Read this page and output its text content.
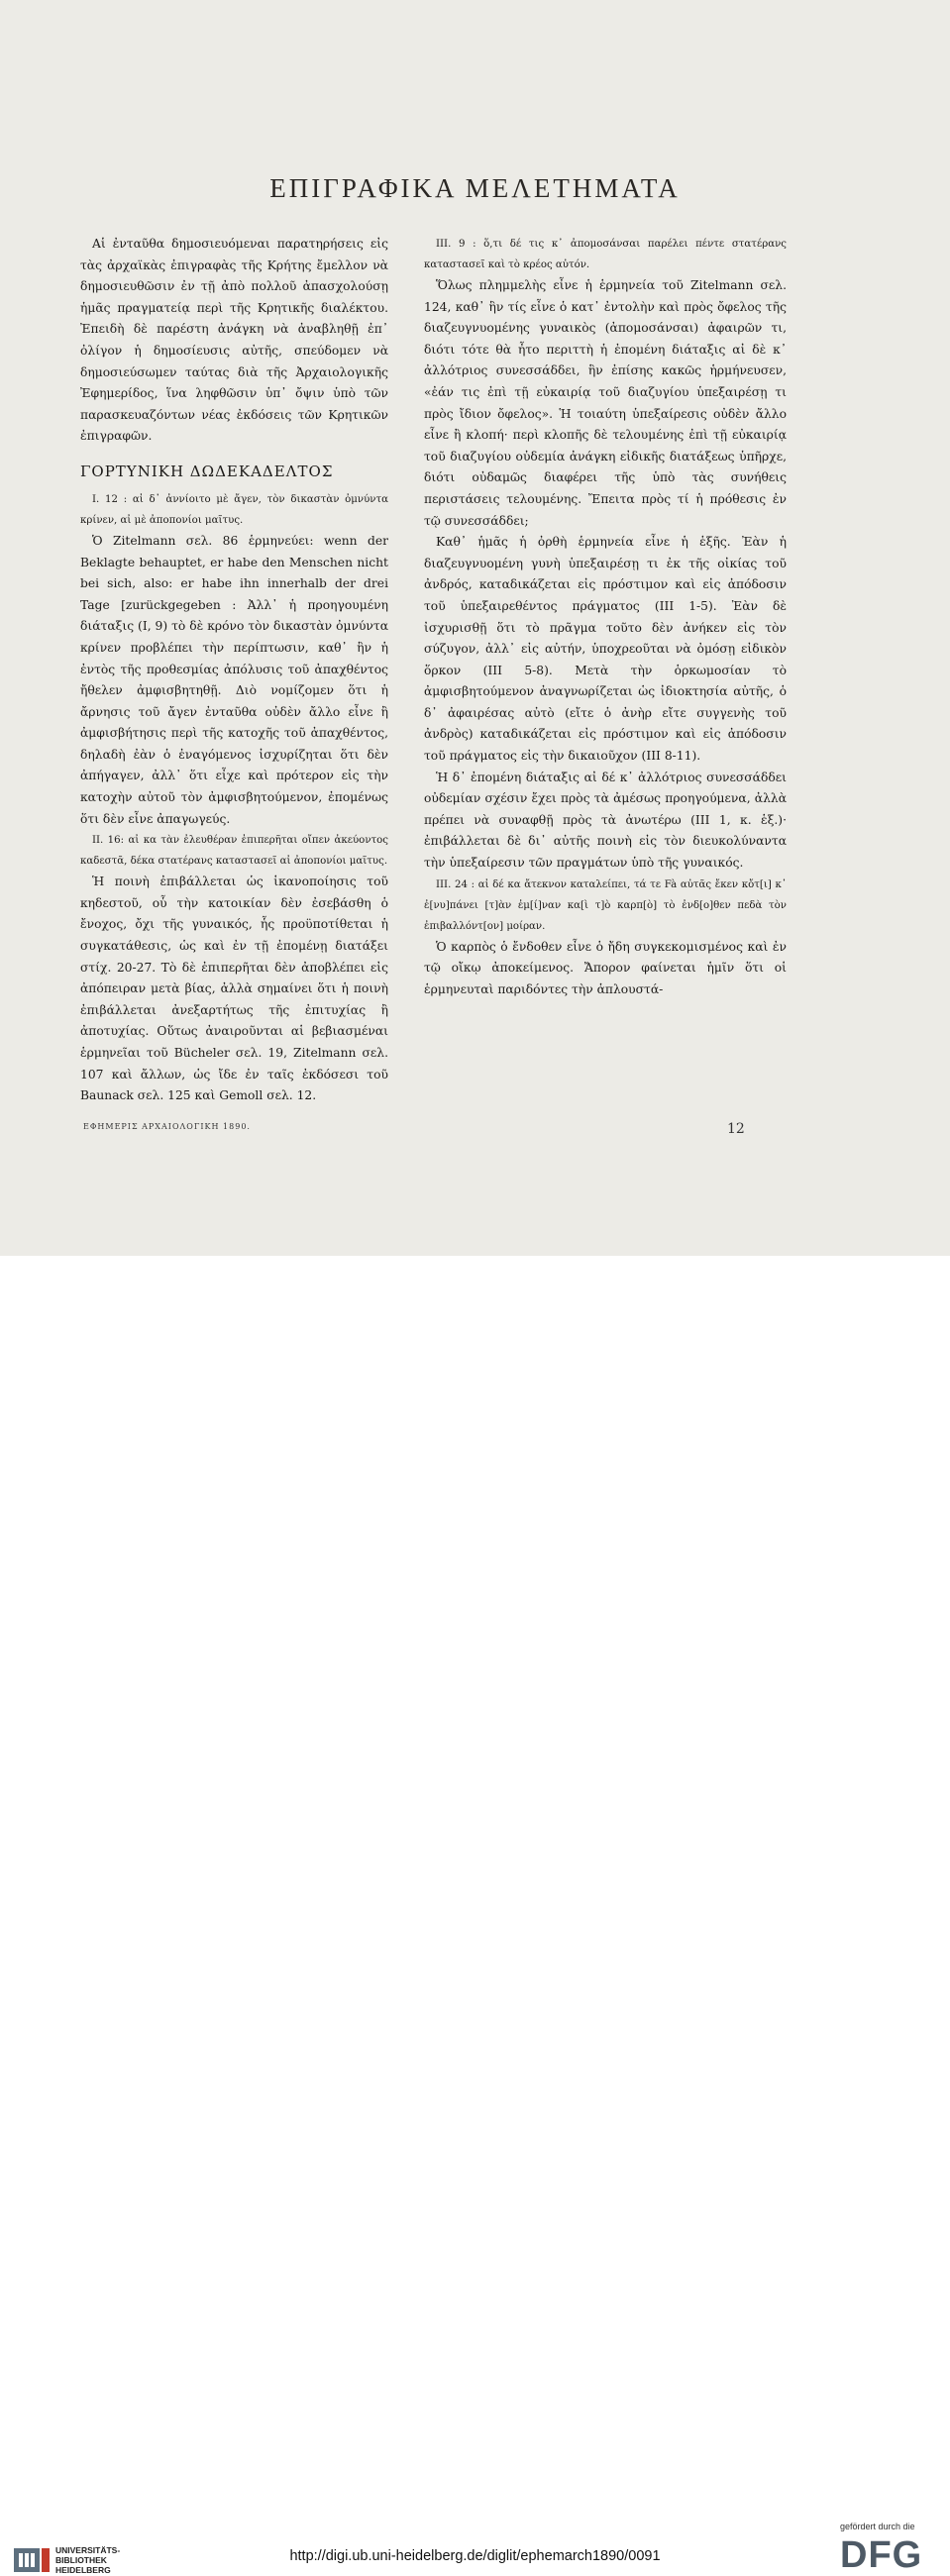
ΕΠΙΓΡΑΦΙΚΑ ΜΕΛΕΤΗΜΑΤΑ

Αἱ ἐνταῦθα δημοσιευόμεναι παρατηρήσεις εἰς τὰς ἀρχαϊκὰς ἐπιγραφὰς τῆς Κρήτης ἔμελλον νὰ δημοσιευθῶσιν ἐν τῇ ἀπὸ πολλοῦ ἀπασχολούσῃ ἡμᾶς πραγματείᾳ περὶ τῆς Κρητικῆς διαλέκτου. Ἐπειδὴ δὲ παρέστη ἀνάγκη νὰ ἀναβληθῇ ἐπ᾽ ὀλίγον ἡ δημοσίευσις αὐτῆς, σπεύδομεν νὰ δημοσιεύσωμεν ταύτας διὰ τῆς Ἀρχαιολογικῆς Ἐφημερίδος, ἵνα ληφθῶσιν ὑπ᾽ ὄψιν ὑπὸ τῶν παρασκευαζόντων νέας ἐκδόσεις τῶν Κρητικῶν ἐπιγραφῶν.

ΓΟΡΤΥΝΙΚΗ ΔΩΔΕΚΑΔΕΛΤΟΣ

I. 12 : αἰ δ᾽ ἀννίοιτο μὲ ἄγεν, τὸν δικαστὰν ὀμνύντα κρίνεν, αἰ μὲ ἀποπονίοι μαῖτυς.

Ὁ Zitelmann σελ. 86 ἑρμηνεύει: wenn der Beklagte behauptet, er habe den Menschen nicht bei sich, also: er habe ihn innerhalb der drei Tage [zurückgegeben : Ἀλλ᾽ ἡ προηγουμένη διάταξις (I, 9) τὸ δὲ κρόνο τὸν δικαστὰν ὀμνύντα κρίνεν προβλέπει τὴν περίπτωσιν, καθ᾽ ἣν ἡ ἐντὸς τῆς προθεσμίας ἀπόλυσις τοῦ ἀπαχθέντος ἤθελεν ἀμφισβητηθῇ. Διὸ νομίζομεν ὅτι ἡ ἄρνησις τοῦ ἄγεν ἐνταῦθα οὐδὲν ἄλλο εἶνε ἢ ἀμφισβήτησις περὶ τῆς κατοχῆς τοῦ ἀπαχθέντος, δηλαδὴ ἐὰν ὁ ἐναγόμενος ἰσχυρίζηται ὅτι δὲν ἀπήγαγεν, ἀλλ᾽ ὅτι εἶχε καὶ πρότερον εἰς τὴν κατοχὴν αὐτοῦ τὸν ἀμφισβητούμενον, ἐπομένως ὅτι δὲν εἶνε ἀπαγωγεύς.

II. 16: αἰ κα τὰν ἐλευθέραν ἐπιπερῆται οἴπεν ἀκεύοντος καδεστᾶ, δέκα στατέρανς καταστασεῖ αἰ ἀποπονίοι μαῖτυς.

Ἡ ποινὴ ἐπιβάλλεται ὡς ἱκανοποίησις τοῦ κηδεστοῦ, οὗ τὴν κατοικίαν δὲν ἐσεβάσθη ὁ ἔνοχος, ὄχι τῆς γυναικός, ἧς προϋποτίθεται ἡ συγκατάθεσις, ὡς καὶ ἐν τῇ ἐπομένῃ διατάξει στίχ. 20-27. Τὸ δὲ ἐπιπερῆται δὲν ἀποβλέπει εἰς ἀπόπειραν μετὰ βίας, ἀλλὰ σημαίνει ὅτι ἡ ποινὴ ἐπιβάλλεται ἀνεξαρτήτως τῆς ἐπιτυχίας ἢ ἀποτυχίας. Οὕτως ἀναιροῦνται αἱ βεβιασμέναι ἑρμηνεῖαι τοῦ Bücheler σελ. 19, Zitelmann σελ. 107 καὶ ἄλλων, ὡς ἴδε ἐν ταῖς ἐκδόσεσι τοῦ Baunack σελ. 125 καὶ Gemoll σελ. 12.

III. 9 : ὅ,τι δέ τις κ᾽ ἀπομοσάνσαι παρέλει πέντε στατέρανς καταστασεῖ καὶ τὸ κρέος αὐτόν.

Ὅλως πλημμελὴς εἶνε ἡ ἑρμηνεία τοῦ Zitelmann σελ. 124, καθ᾽ ἣν τίς εἶνε ὁ κατ᾽ ἐντολὴν καὶ πρὸς ὄφελος τῆς διαζευγνυομένης γυναικὸς (ἀπομοσάνσαι) ἀφαιρῶν τι, διότι τότε θὰ ἦτο περιττὴ ἡ ἐπομένη διάταξις αἰ δὲ κ᾽ ἀλλότριος συνεσσάδδει, ἣν ἐπίσης κακῶς ἡρμήνευσεν, «ἐάν τις ἐπὶ τῇ εὐκαιρίᾳ τοῦ διαζυγίου ὑπεξαιρέσῃ τι πρὸς ἴδιον ὄφελος». Ἡ τοιαύτη ὑπεξαίρεσις οὐδὲν ἄλλο εἶνε ἢ κλοπή· περὶ κλοπῆς δὲ τελουμένης ἐπὶ τῇ εὐκαιρίᾳ τοῦ διαζυγίου οὐδεμία ἀνάγκη εἰδικῆς διατάξεως ὑπῆρχε, διότι οὐδαμῶς διαφέρει τῆς ὑπὸ τὰς συνήθεις περιστάσεις τελουμένης. Ἔπειτα πρὸς τί ἡ πρόθεσις ἐν τῷ συνεσσάδδει;

Καθ᾽ ἡμᾶς ἡ ὀρθὴ ἑρμηνεία εἶνε ἡ ἑξῆς. Ἐὰν ἡ διαζευγνυομένη γυνὴ ὑπεξαιρέσῃ τι ἐκ τῆς οἰκίας τοῦ ἀνδρός, καταδικάζεται εἰς πρόστιμον καὶ εἰς ἀπόδοσιν τοῦ ὑπεξαιρεθέντος πράγματος (III 1-5). Ἐὰν δὲ ἰσχυρισθῇ ὅτι τὸ πρᾶγμα τοῦτο δὲν ἀνήκεν εἰς τὸν σύζυγον, ἀλλ᾽ εἰς αὐτήν, ὑποχρεοῦται νὰ ὀμόσῃ εἰδικὸν ὅρκον (III 5-8). Μετὰ τὴν ὁρκωμοσίαν τὸ ἀμφισβητούμενον ἀναγνωρίζεται ὡς ἰδιοκτησία αὐτῆς, ὁ δ᾽ ἀφαιρέσας αὐτὸ (εἴτε ὁ ἀνὴρ εἴτε συγγενὴς τοῦ ἀνδρὸς) καταδικάζεται εἰς πρόστιμον καὶ εἰς ἀπόδοσιν τοῦ πράγματος εἰς τὴν δικαιοῦχον (III 8-11).

Ἡ δ᾽ ἐπομένη διάταξις αἰ δέ κ᾽ ἀλλότριος συνεσσάδδει οὐδεμίαν σχέσιν ἔχει πρὸς τὰ ἀμέσως προηγούμενα, ἀλλὰ πρέπει νὰ συναφθῇ πρὸς τὰ ἀνωτέρω (III 1, κ. ἑξ.)· ἐπιβάλλεται δὲ δι᾽ αὐτῆς ποινὴ εἰς τὸν διευκολύναντα τὴν ὑπεξαίρεσιν τῶν πραγμάτων ὑπὸ τῆς γυναικός.

III. 24 : αἰ δέ κα ἄτεκνον καταλείπει, τά τε Fà αὐτᾶς ἔκεν κὄτ[ι] κ᾽ ἐ[νυ]πάνει [τ]ὰν ἐμ[ί]ναν κα[ὶ τ]ὸ καρπ[ὸ] τὸ ἐνδ[ο]θεν πεδὰ τὸν ἐπιβαλλόντ[ον] μοίραν.

Ὁ καρπὸς ὁ ἔνδοθεν εἶνε ὁ ἤδη συγκεκομισμένος καὶ ἐν τῷ οἴκῳ ἀποκείμενος. Ἄπορον φαίνεται ἡμῖν ὅτι οἱ ἑρμηνευταὶ παριδόντες τὴν ἁπλουστά-

ΕΦΗΜΕΡΙΣ ΑΡΧΑΙΟΛΟΓΙΚΗ 1890.	12
UNIVERSITÄTS-
BIBLIOTHEK
HEIDELBERG
http://digi.ub.uni-heidelberg.de/diglit/ephemarch1890/0091
gefördert durch die
DFG
